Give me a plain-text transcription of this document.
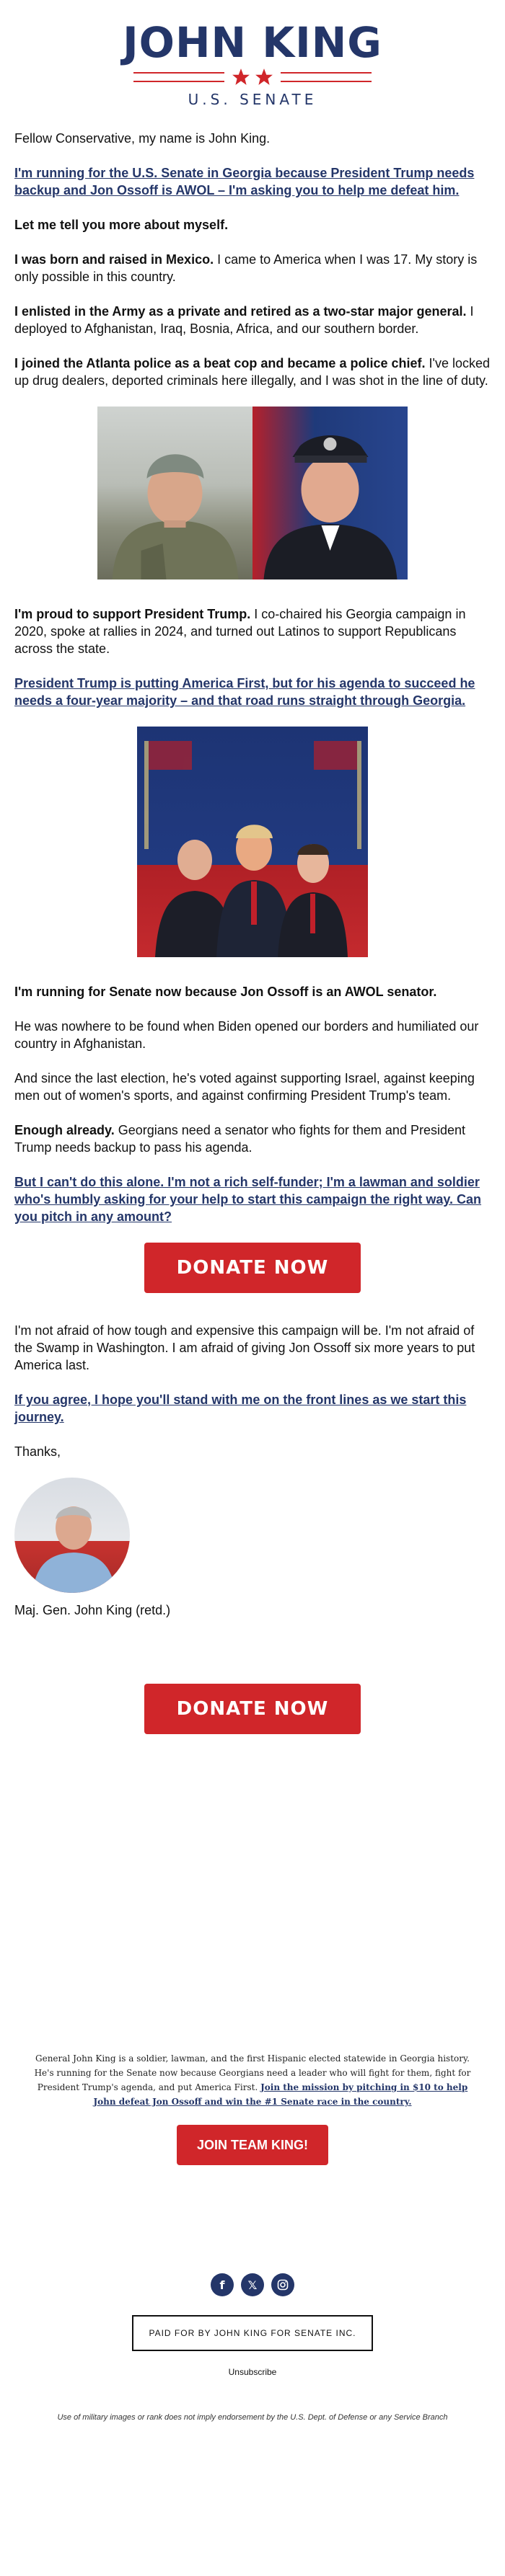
JOHN KING
U.S. SENATE

Fellow Conservative, my name is John King.

I'm running for the U.S. Senate in Georgia because President Trump needs backup and Jon Ossoff is AWOL – I'm asking you to help me defeat him.

Let me tell you more about myself.

I was born and raised in Mexico. I came to America when I was 17. My story is only possible in this country.

I enlisted in the Army as a private and retired as a two-star major general. I deployed to Afghanistan, Iraq, Bosnia, Africa, and our southern border.

I joined the Atlanta police as a beat cop and became a police chief. I've locked up drug dealers, deported criminals here illegally, and I was shot in the line of duty.

I'm proud to support President Trump. I co-chaired his Georgia campaign in 2020, spoke at rallies in 2024, and turned out Latinos to support Republicans across the state.

President Trump is putting America First, but for his agenda to succeed he needs a four-year majority – and that road runs straight through Georgia.

I'm running for Senate now because Jon Ossoff is an AWOL senator.

He was nowhere to be found when Biden opened our borders and humiliated our country in Afghanistan.

And since the last election, he's voted against supporting Israel, against keeping men out of women's sports, and against confirming President Trump's team.

Enough already. Georgians need a senator who fights for them and President Trump needs backup to pass his agenda.

But I can't do this alone. I'm not a rich self-funder; I'm a lawman and soldier who's humbly asking for your help to start this campaign the right way. Can you pitch in any amount?

DONATE NOW

I'm not afraid of how tough and expensive this campaign will be. I'm not afraid of the Swamp in Washington. I am afraid of giving Jon Ossoff six more years to put America last.

If you agree, I hope you'll stand with me on the front lines as we start this journey.

Thanks,

Maj. Gen. John King (retd.)

DONATE NOW
General John King is a soldier, lawman, and the first Hispanic elected statewide in Georgia history. He's running for the Senate now because Georgians need a leader who will fight for them, fight for President Trump's agenda, and put America First. Join the mission by pitching in $10 to help John defeat Jon Ossoff and win the #1 Senate race in the country.
JOIN TEAM KING!
f	𝕏
PAID FOR BY JOHN KING FOR SENATE INC.
Unsubscribe
Use of military images or rank does not imply endorsement by the U.S. Dept. of Defense or any Service Branch
